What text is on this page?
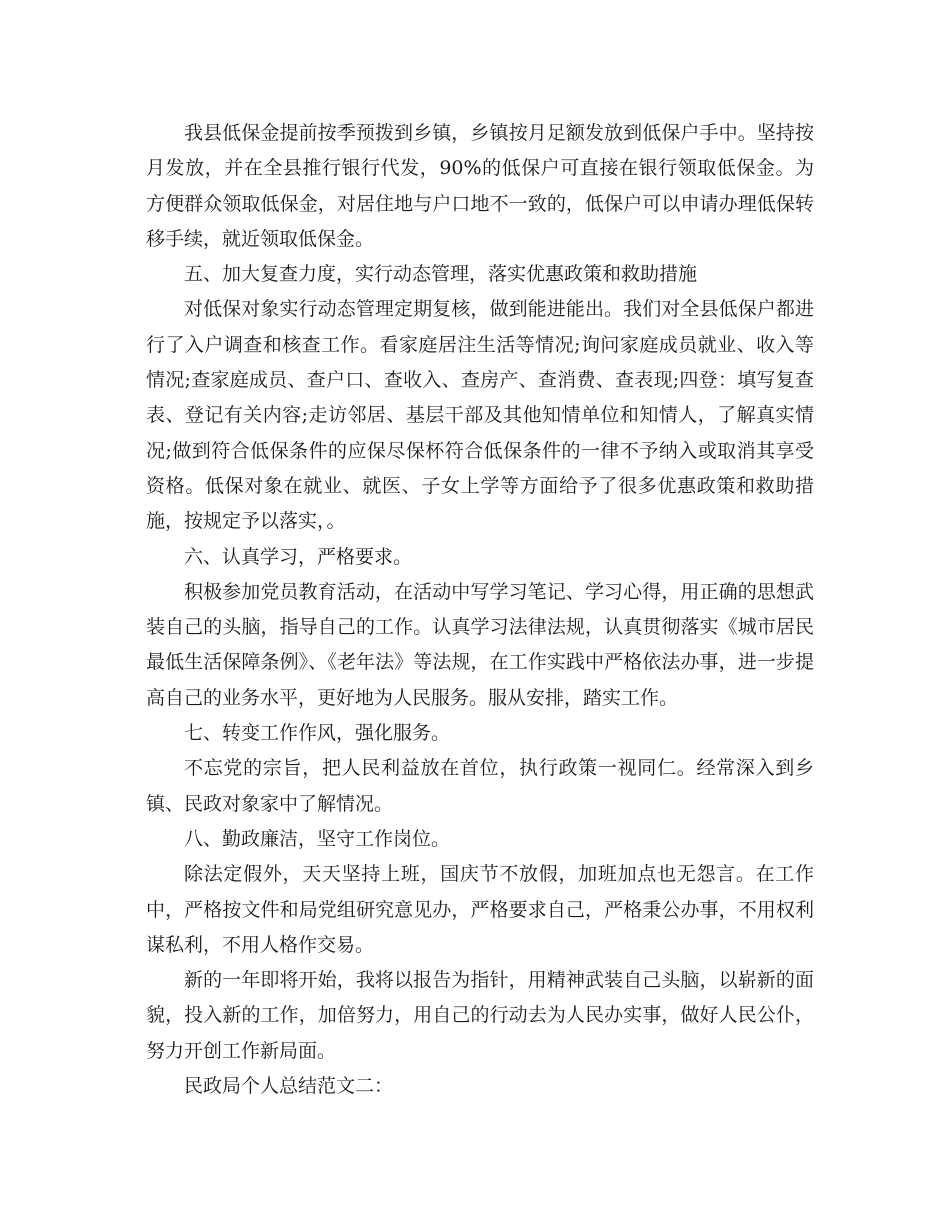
我县低保金提前按季预拨到乡镇，乡镇按月足额发放到低保户手中。坚持按月发放，并在全县推行银行代发，90%的低保户可直接在银行领取低保金。为方便群众领取低保金，对居住地与户口地不一致的，低保户可以申请办理低保转移手续，就近领取低保金。

五、加大复查力度，实行动态管理，落实优惠政策和救助措施

对低保对象实行动态管理定期复核，做到能进能出。我们对全县低保户都进行了入户调查和核查工作。看家庭居注生活等情况;询问家庭成员就业、收入等情况;查家庭成员、查户口、查收入、查房产、查消费、查表现;四登：填写复查表、登记有关内容;走访邻居、基层干部及其他知情单位和知情人，了解真实情况;做到符合低保条件的应保尽保杯符合低保条件的一律不予纳入或取消其享受资格。低保对象在就业、就医、子女上学等方面给予了很多优惠政策和救助措施，按规定予以落实，。

六、认真学习，严格要求。

积极参加党员教育活动，在活动中写学习笔记、学习心得，用正确的思想武装自己的头脑，指导自己的工作。认真学习法律法规，认真贯彻落实《城市居民最低生活保障条例》、《老年法》等法规，在工作实践中严格依法办事，进一步提高自己的业务水平，更好地为人民服务。服从安排，踏实工作。

七、转变工作作风，强化服务。

不忘党的宗旨，把人民利益放在首位，执行政策一视同仁。经常深入到乡镇、民政对象家中了解情况。

八、勤政廉洁，坚守工作岗位。

除法定假外，天天坚持上班，国庆节不放假，加班加点也无怨言。在工作中，严格按文件和局党组研究意见办，严格要求自己，严格秉公办事，不用权利谋私利，不用人格作交易。

新的一年即将开始，我将以报告为指针，用精神武装自己头脑，以崭新的面貌，投入新的工作，加倍努力，用自己的行动去为人民办实事，做好人民公仆，努力开创工作新局面。

民政局个人总结范文二：
